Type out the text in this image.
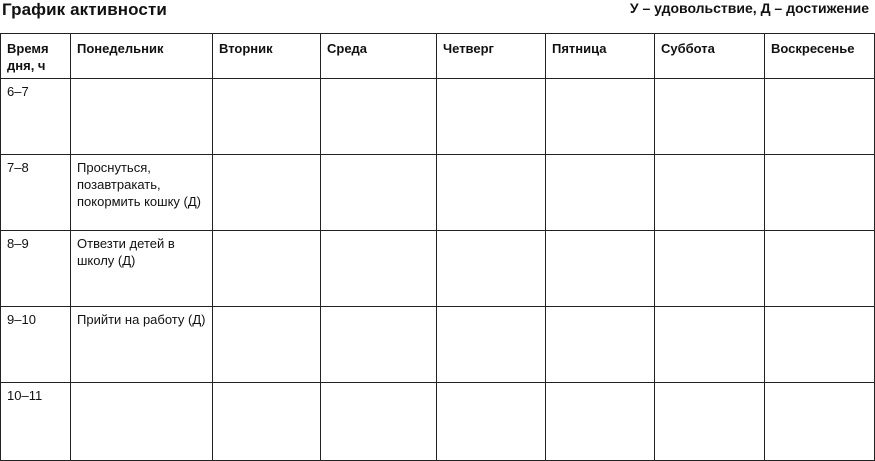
График активности	У – удовольствие, Д – достижение
Время дня, ч	Понедельник	Вторник	Среда	Четверг	Пятница	Суббота	Воскресенье
6–7							
7–8	Проснуться, позавтракать, покормить кошку (Д)						
8–9	Отвезти детей в школу (Д)						
9–10	Прийти на работу (Д)						
10–11							
